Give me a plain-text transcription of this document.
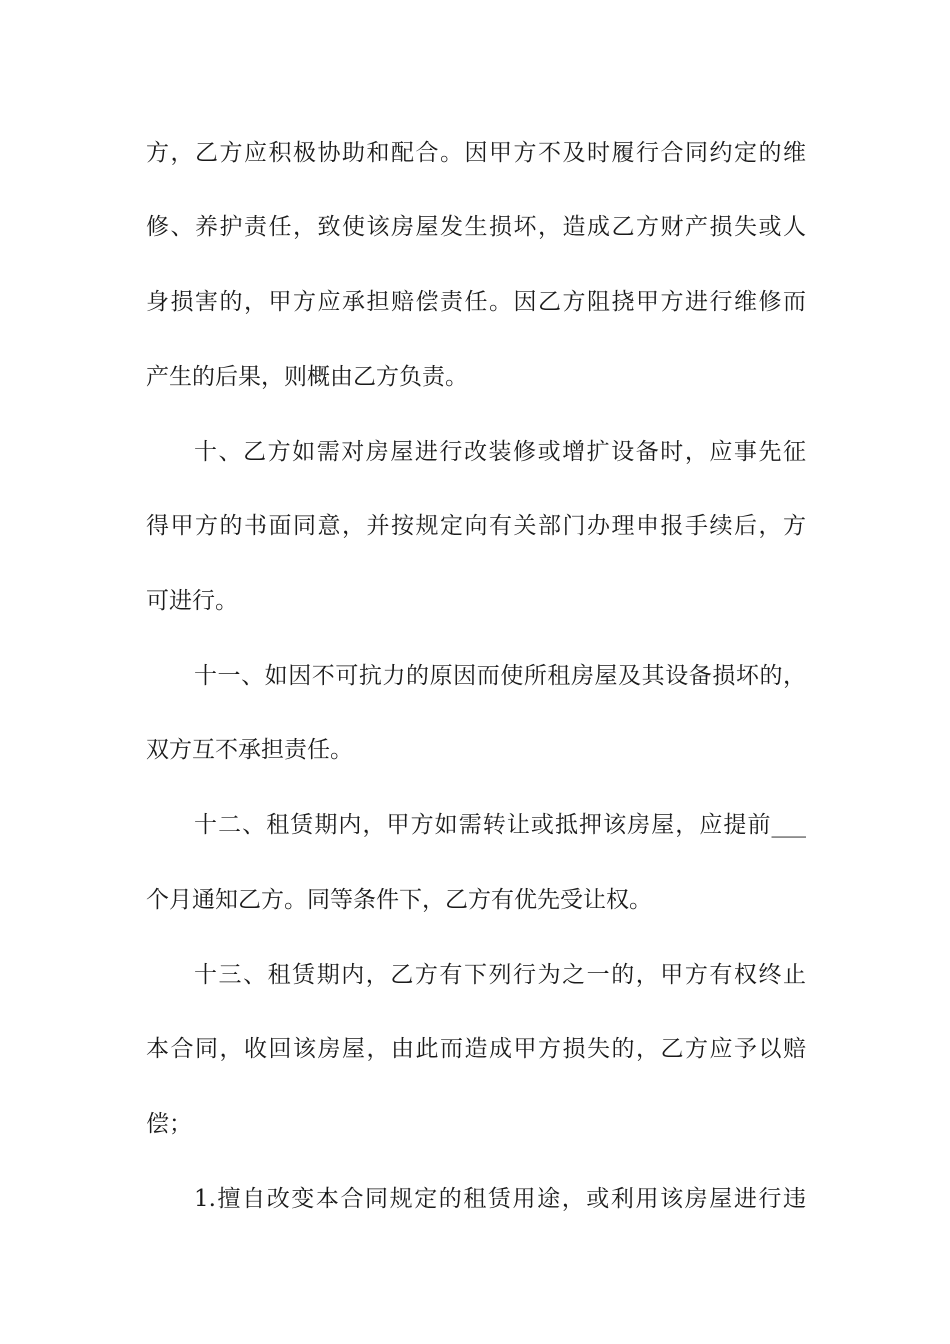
方，乙方应积极协助和配合。因甲方不及时履行合同约定的维
修、养护责任，致使该房屋发生损坏，造成乙方财产损失或人
身损害的，甲方应承担赔偿责任。因乙方阻挠甲方进行维修而
产生的后果，则概由乙方负责。
十、乙方如需对房屋进行改装修或增扩设备时，应事先征
得甲方的书面同意，并按规定向有关部门办理申报手续后，方
可进行。
十一、如因不可抗力的原因而使所租房屋及其设备损坏的，
双方互不承担责任。
十二、租赁期内，甲方如需转让或抵押该房屋，应提前___
个月通知乙方。同等条件下，乙方有优先受让权。
十三、租赁期内，乙方有下列行为之一的，甲方有权终止
本合同，收回该房屋，由此而造成甲方损失的，乙方应予以赔
偿；
1.擅自改变本合同规定的租赁用途，或利用该房屋进行违
